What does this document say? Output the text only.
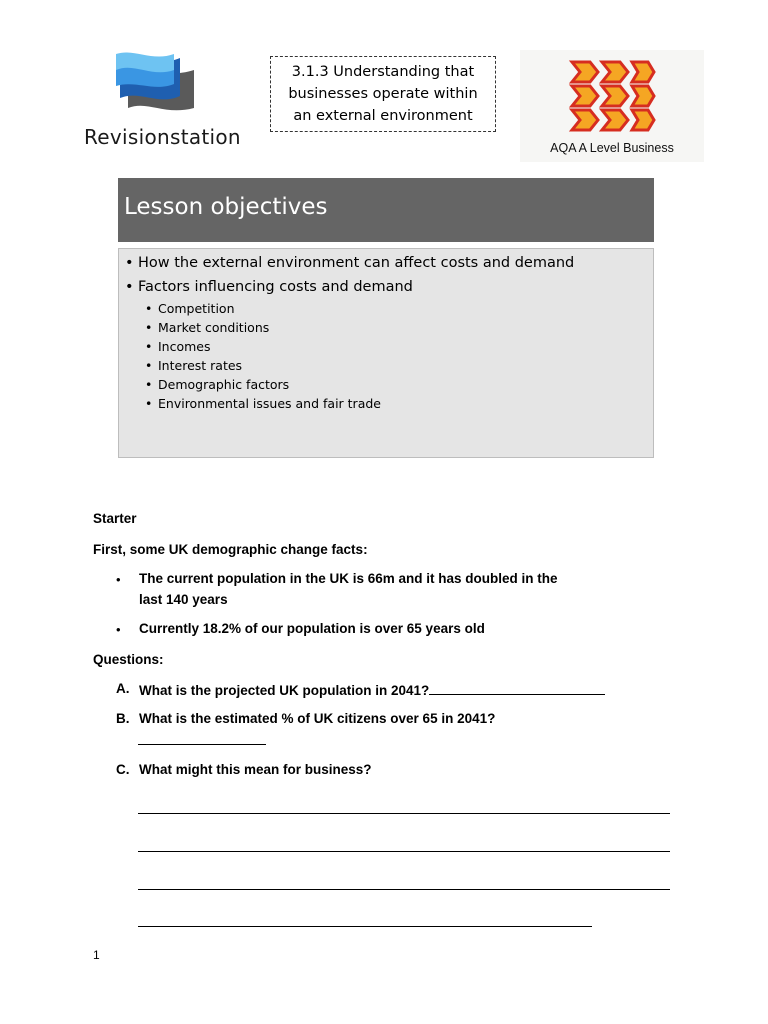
Revisionstation
3.1.3 Understanding that
businesses operate within
an external environment
AQA A Level Business
Lesson objectives
• How the external environment can affect costs and demand
• Factors influencing costs and demand
• Competition
• Market conditions
• Incomes
• Interest rates
• Demographic factors
• Environmental issues and fair trade
Starter
First, some UK demographic change facts:
• The current population in the UK is 66m and it has doubled in the
last 140 years
• Currently 18.2% of our population is over 65 years old
Questions:
A. What is the projected UK population in 2041?
B. What is the estimated % of UK citizens over 65 in 2041?
C. What might this mean for business?
1
